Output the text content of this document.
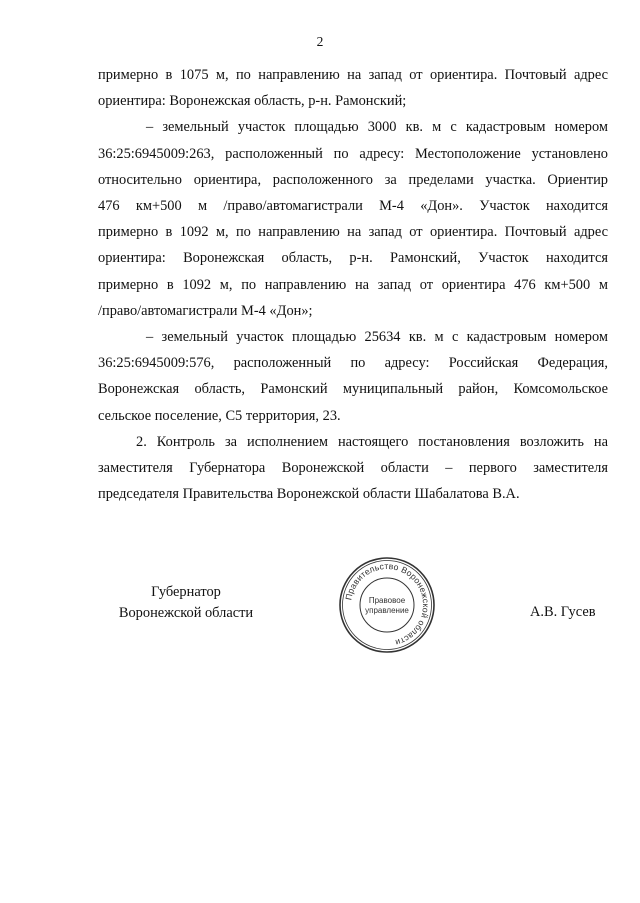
2

примерно в 1075 м, по направлению на запад от ориентира. Почтовый адрес
ориентира: Воронежская область, р-н. Рамонский;

– земельный участок площадью 3000 кв. м с кадастровым номером
36:25:6945009:263, расположенный по адресу: Местоположение установлено
относительно ориентира, расположенного за пределами участка. Ориентир
476 км+500 м /право/автомагистрали М-4 «Дон». Участок находится
примерно в 1092 м, по направлению на запад от ориентира. Почтовый адрес
ориентира: Воронежская область, р-н. Рамонский, Участок находится
примерно в 1092 м, по направлению на запад от ориентира 476 км+500 м
/право/автомагистрали М-4 «Дон»;

– земельный участок площадью 25634 кв. м с кадастровым номером
36:25:6945009:576, расположенный по адресу: Российская Федерация,
Воронежская область, Рамонский муниципальный район, Комсомольское
сельское поселение, С5 территория, 23.

2. Контроль за исполнением настоящего постановления возложить на
заместителя Губернатора Воронежской области – первого заместителя
председателя Правительства Воронежской области Шабалатова В.А.

Губернатор
Воронежской области
Правительство Воронежской области
Правовое
управление	А.В. Гусев
